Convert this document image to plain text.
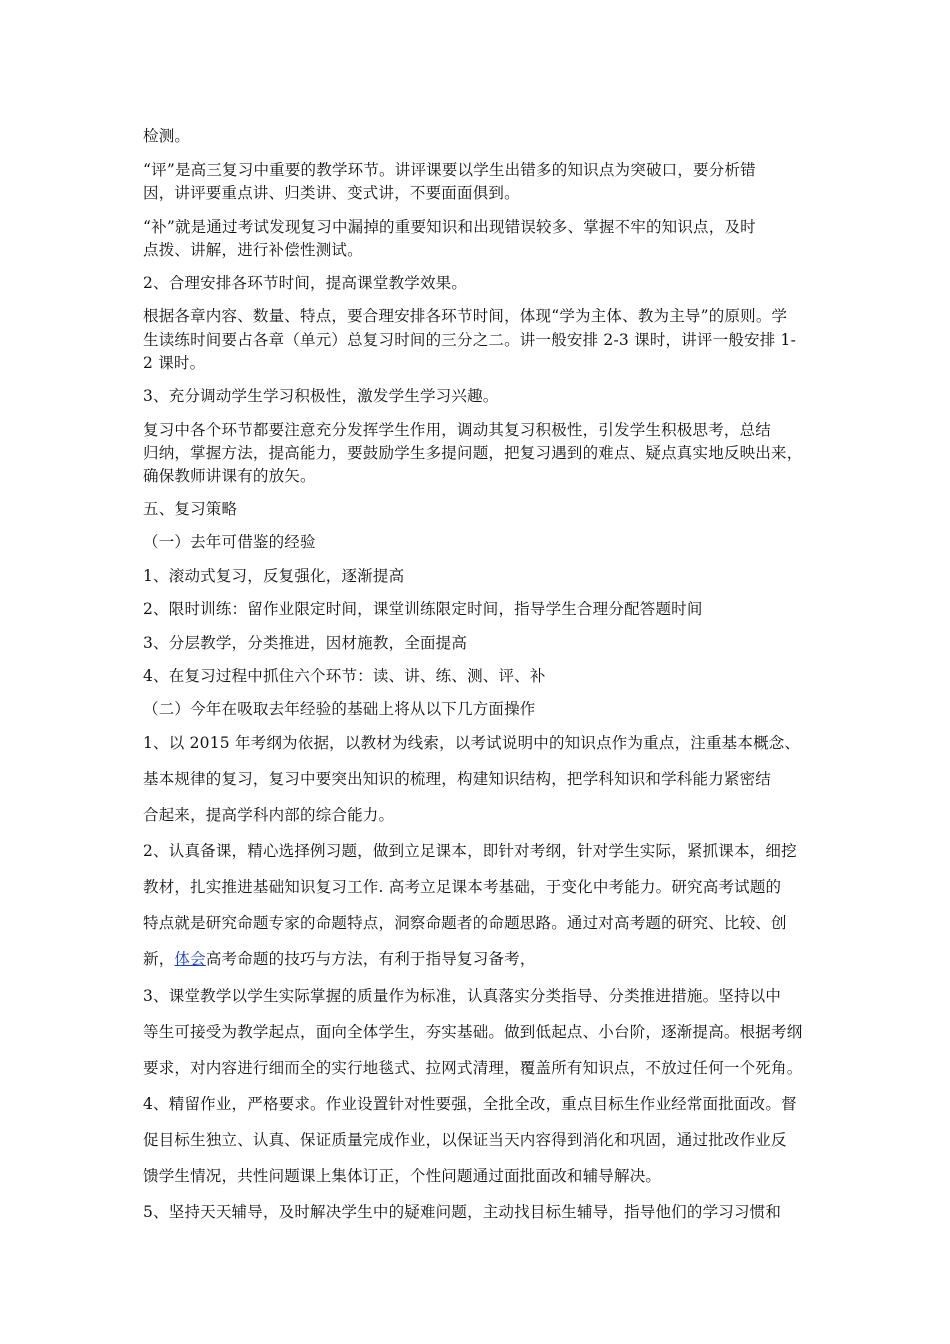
检测。
“评”是高三复习中重要的教学环节。讲评课要以学生出错多的知识点为突破口，要分析错
因，讲评要重点讲、归类讲、变式讲，不要面面俱到。
“补”就是通过考试发现复习中漏掉的重要知识和出现错误较多、掌握不牢的知识点，及时
点拨、讲解，进行补偿性测试。
2、合理安排各环节时间，提高课堂教学效果。
根据各章内容、数量、特点，要合理安排各环节时间，体现“学为主体、教为主导”的原则。学
生读练时间要占各章（单元）总复习时间的三分之二。讲一般安排 2-3 课时，讲评一般安排 1-
2 课时。
3、充分调动学生学习积极性，激发学生学习兴趣。
复习中各个环节都要注意充分发挥学生作用，调动其复习积极性，引发学生积极思考，总结
归纳，掌握方法，提高能力，要鼓励学生多提问题，把复习遇到的难点、疑点真实地反映出来，
确保教师讲课有的放矢。
五、复习策略
（一）去年可借鉴的经验
1、滚动式复习，反复强化，逐渐提高
2、限时训练：留作业限定时间，课堂训练限定时间，指导学生合理分配答题时间
3、分层教学，分类推进，因材施教，全面提高
4、在复习过程中抓住六个环节：读、讲、练、测、评、补
（二）今年在吸取去年经验的基础上将从以下几方面操作
1、以 2015 年考纲为依据，以教材为线索，以考试说明中的知识点作为重点，注重基本概念、
基本规律的复习，复习中要突出知识的梳理，构建知识结构，把学科知识和学科能力紧密结
合起来，提高学科内部的综合能力。
2、认真备课，精心选择例习题，做到立足课本，即针对考纲，针对学生实际，紧抓课本，细挖
教材，扎实推进基础知识复习工作. 高考立足课本考基础，于变化中考能力。研究高考试题的
特点就是研究命题专家的命题特点，洞察命题者的命题思路。通过对高考题的研究、比较、创
新，体会高考命题的技巧与方法，有利于指导复习备考，
3、课堂教学以学生实际掌握的质量作为标准，认真落实分类指导、分类推进措施。坚持以中
等生可接受为教学起点，面向全体学生，夯实基础。做到低起点、小台阶，逐渐提高。根据考纲
要求，对内容进行细而全的实行地毯式、拉网式清理，覆盖所有知识点，不放过任何一个死角。
4、精留作业，严格要求。作业设置针对性要强，全批全改，重点目标生作业经常面批面改。督
促目标生独立、认真、保证质量完成作业，以保证当天内容得到消化和巩固，通过批改作业反
馈学生情况，共性问题课上集体订正，个性问题通过面批面改和辅导解决。
5、坚持天天辅导，及时解决学生中的疑难问题，主动找目标生辅导，指导他们的学习习惯和
